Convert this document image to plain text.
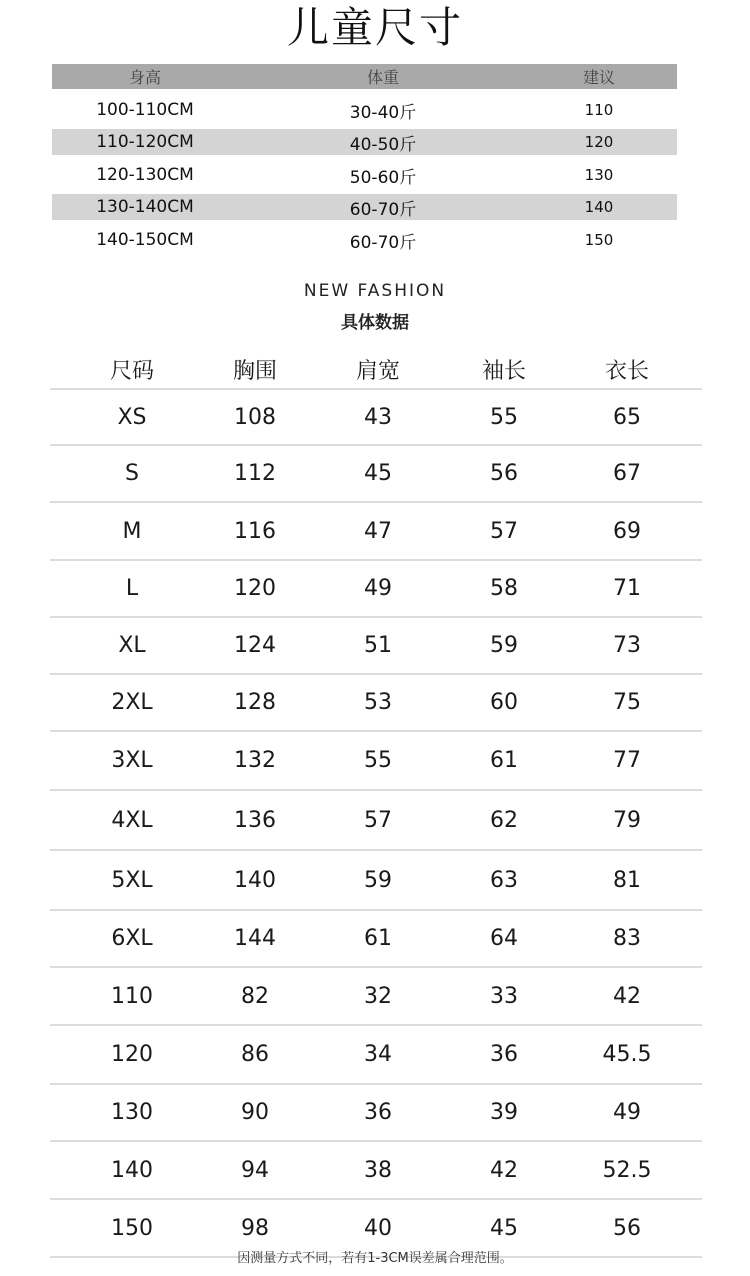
儿童尺寸
身高	体重	建议
100-110CM	30-40斤	110
110-120CM	40-50斤	120
120-130CM	50-60斤	130
130-140CM	60-70斤	140
140-150CM	60-70斤	150
NEW FASHION
具体数据
尺码	胸围	肩宽	袖长	衣长
XS	108	43	55	65
S	112	45	56	67
M	116	47	57	69
L	120	49	58	71
XL	124	51	59	73
2XL	128	53	60	75
3XL	132	55	61	77
4XL	136	57	62	79
5XL	140	59	63	81
6XL	144	61	64	83
110	82	32	33	42
120	86	34	36	45.5
130	90	36	39	49
140	94	38	42	52.5
150	98	40	45	56
因测量方式不同，若有1-3CM误差属合理范围。
